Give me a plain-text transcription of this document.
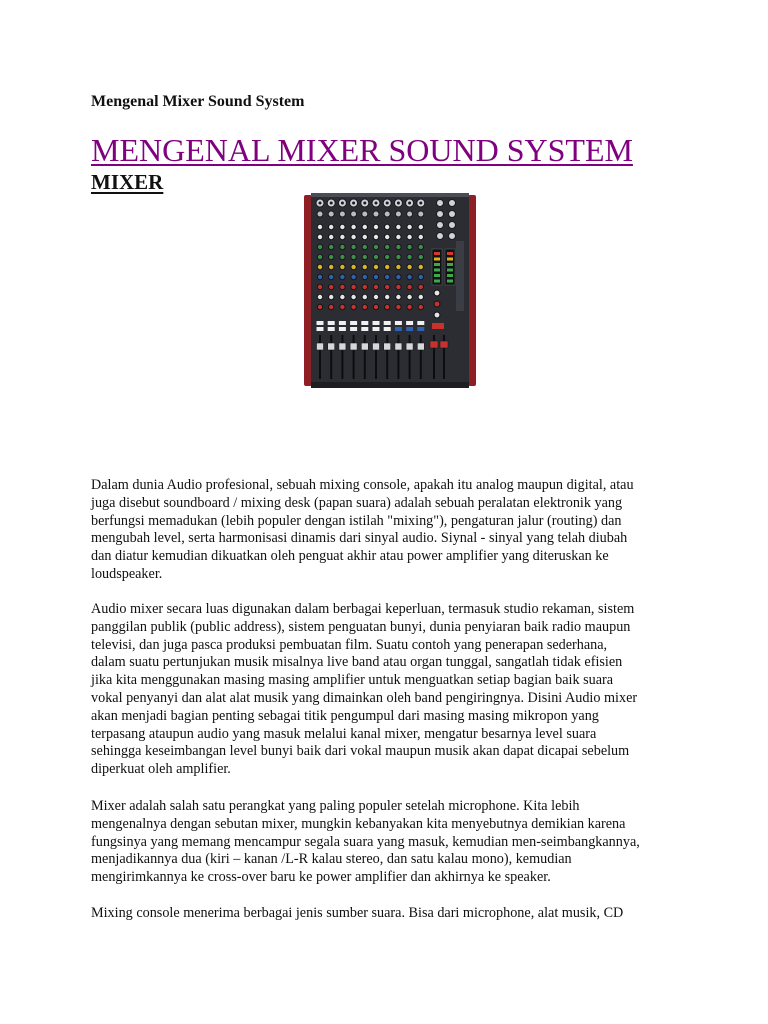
Mengenal Mixer Sound System
MENGENAL MIXER SOUND SYSTEM
MIXER

Dalam dunia Audio profesional, sebuah mixing console, apakah itu analog maupun digital, atau
juga disebut soundboard / mixing desk (papan suara) adalah sebuah peralatan elektronik yang
berfungsi memadukan (lebih populer dengan istilah "mixing"), pengaturan jalur (routing) dan
mengubah level, serta harmonisasi dinamis dari sinyal audio. Siynal - sinyal yang telah diubah
dan diatur kemudian dikuatkan oleh penguat akhir atau power amplifier yang diteruskan ke
loudspeaker.

Audio mixer secara luas digunakan dalam berbagai keperluan, termasuk studio rekaman, sistem
panggilan publik (public address), sistem penguatan bunyi, dunia penyiaran baik radio maupun
televisi, dan juga pasca produksi pembuatan film. Suatu contoh yang penerapan sederhana,
dalam suatu pertunjukan musik misalnya live band atau organ tunggal, sangatlah tidak efisien
jika kita menggunakan masing masing amplifier untuk menguatkan setiap bagian baik suara
vokal penyanyi dan alat alat musik yang dimainkan oleh band pengiringnya. Disini Audio mixer
akan menjadi bagian penting sebagai titik pengumpul dari masing masing mikropon yang
terpasang ataupun audio yang masuk melalui kanal mixer, mengatur besarnya level suara
sehingga keseimbangan level bunyi baik dari vokal maupun musik akan dapat dicapai sebelum
diperkuat oleh amplifier.

Mixer adalah salah satu perangkat yang paling populer setelah microphone. Kita lebih
mengenalnya dengan sebutan mixer, mungkin kebanyakan kita menyebutnya demikian karena
fungsinya yang memang mencampur segala suara yang masuk, kemudian men-seimbangkannya,
menjadikannya dua (kiri – kanan /L-R kalau stereo, dan satu kalau mono), kemudian
mengirimkannya ke cross-over baru ke power amplifier dan akhirnya ke speaker.

Mixing console menerima berbagai jenis sumber suara. Bisa dari microphone, alat musik, CD
